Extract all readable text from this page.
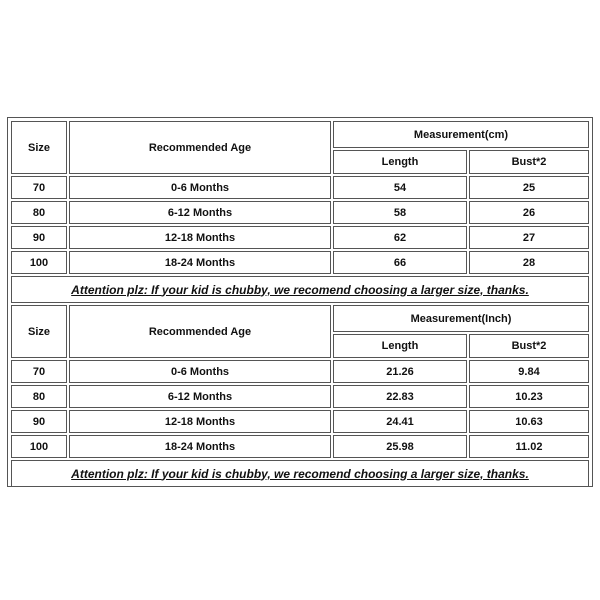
Size	Recommended Age	Measurement(cm)	
		Length	Bust*2
70	0-6 Months	54	25
80	6-12 Months	58	26
90	12-18 Months	62	27
100	18-24 Months	66	28
Attention plz: If your kid is chubby, we recomend choosing a larger size, thanks.			
Size	Recommended Age	Measurement(Inch)	
		Length	Bust*2
70	0-6 Months	21.26	9.84
80	6-12 Months	22.83	10.23
90	12-18 Months	24.41	10.63
100	18-24 Months	25.98	11.02
Attention plz: If your kid is chubby, we recomend choosing a larger size, thanks.			
